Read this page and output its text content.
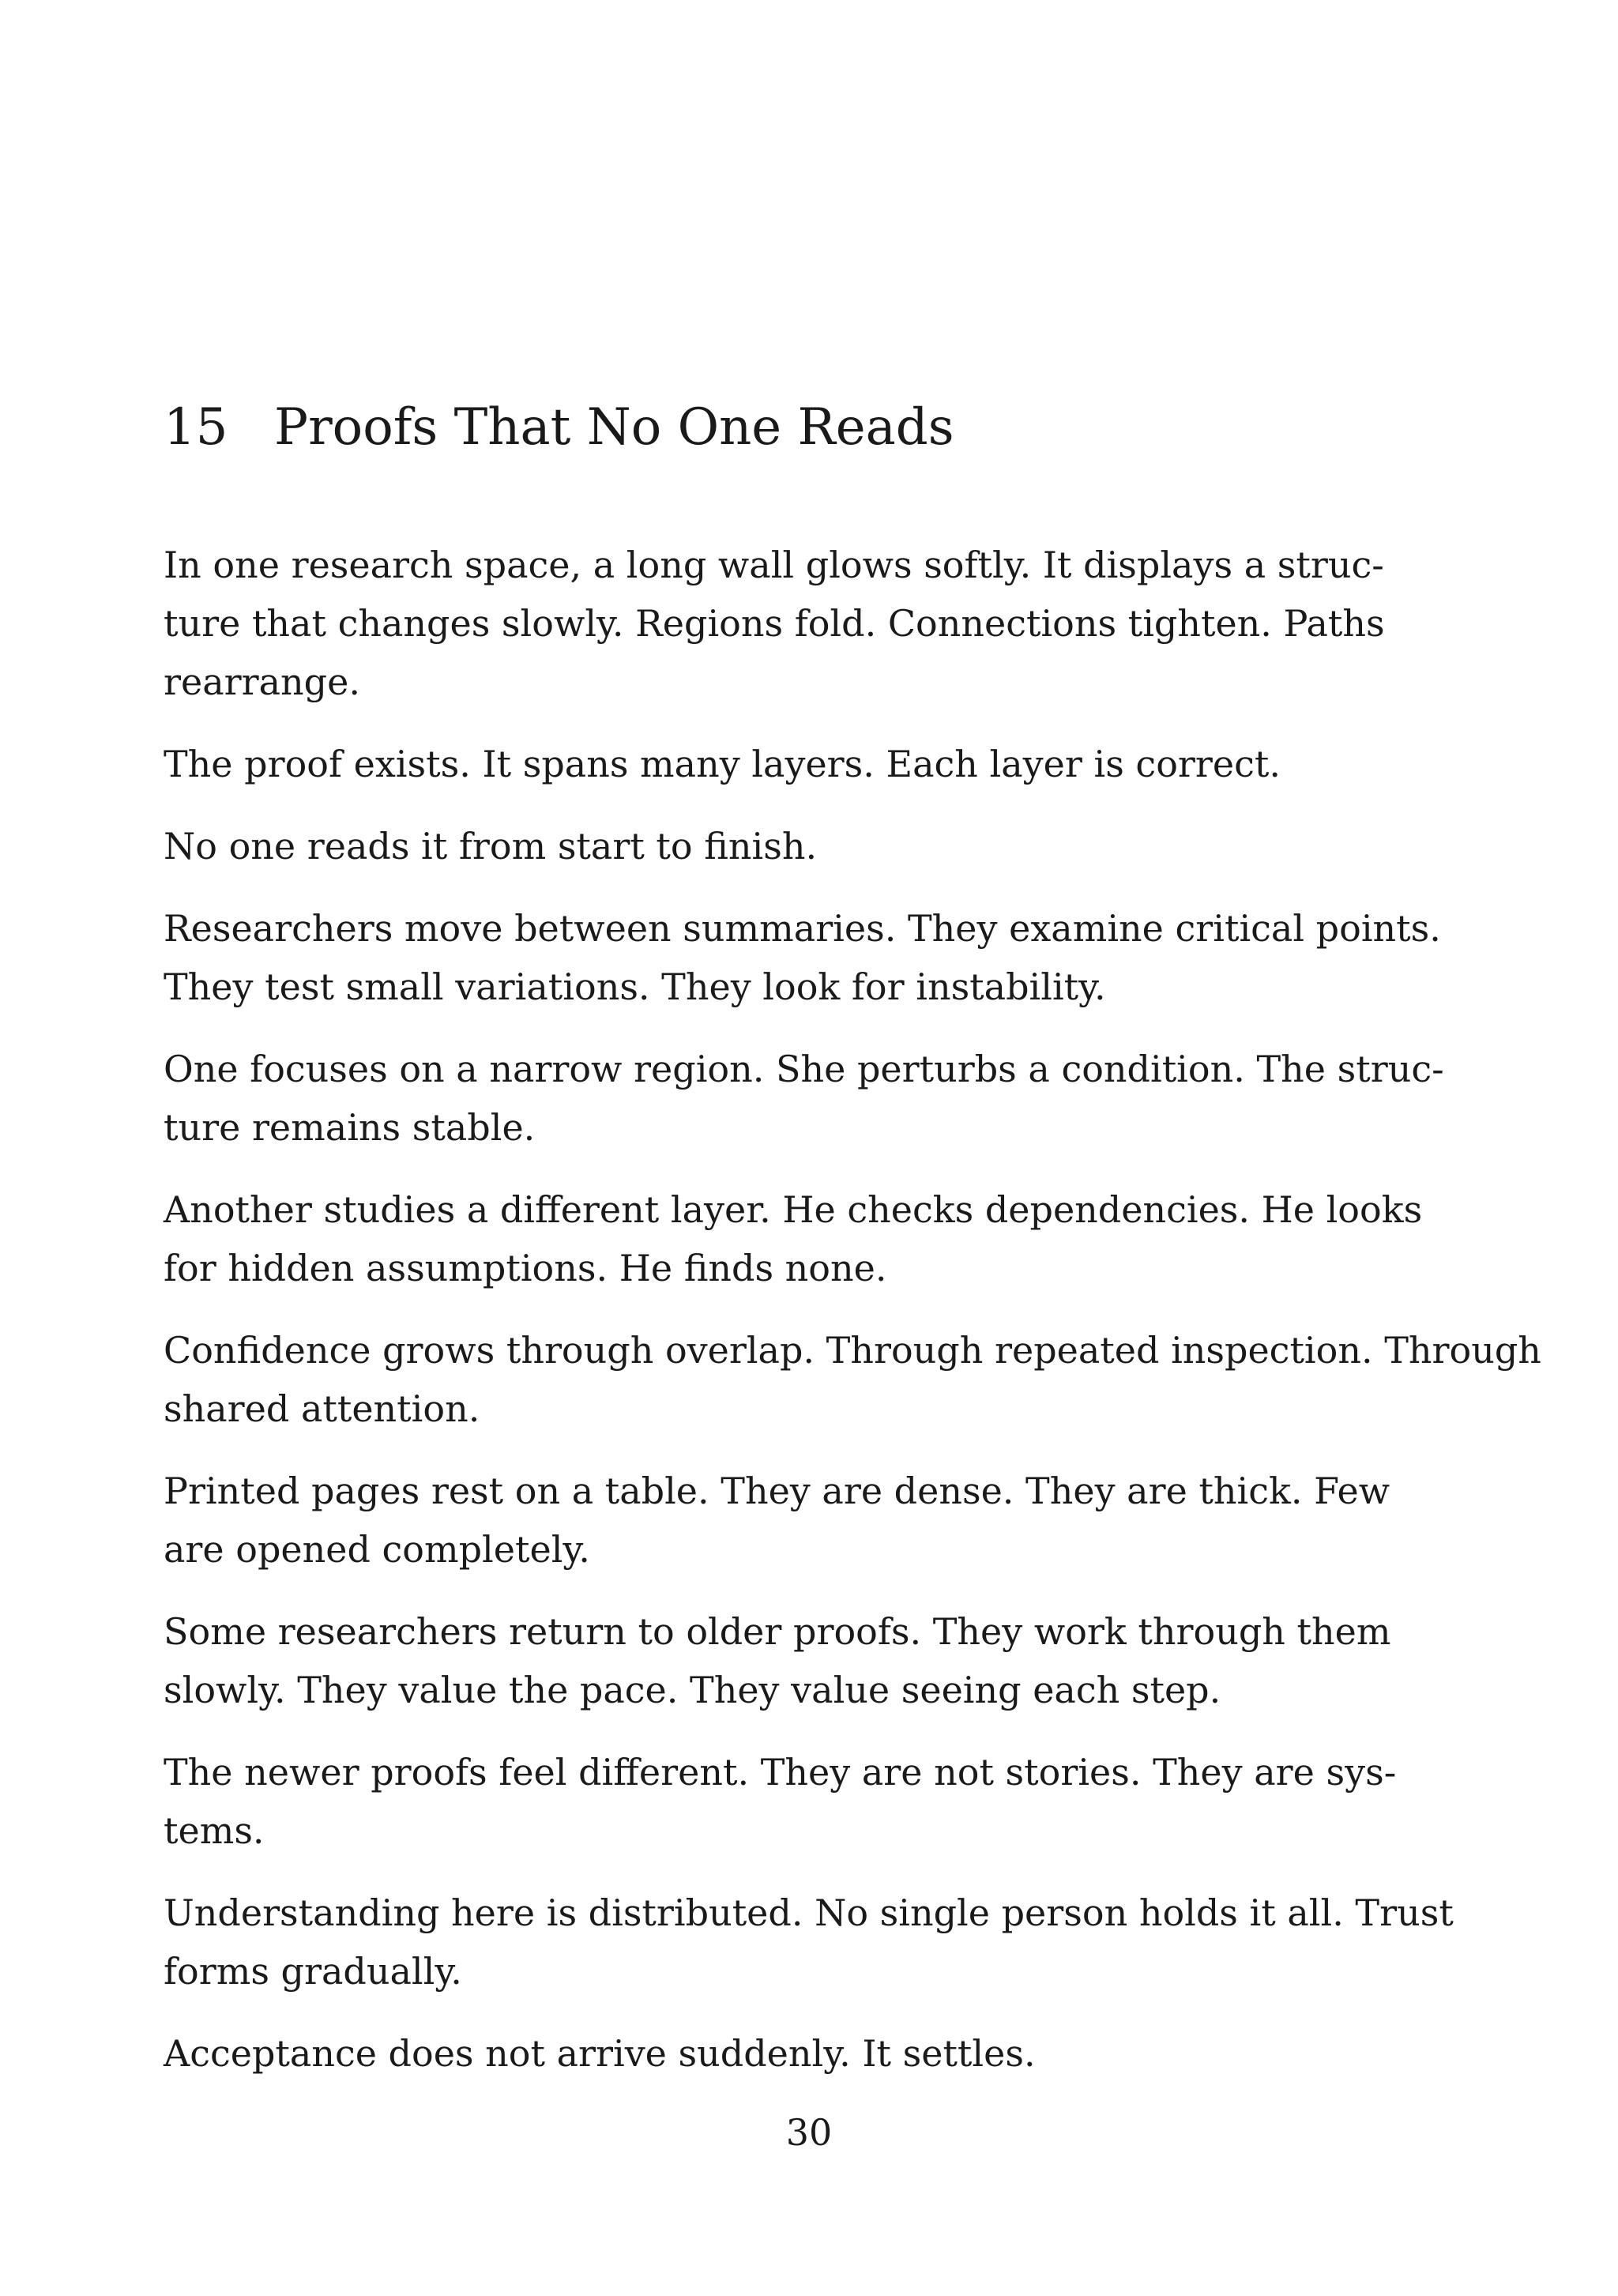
15 Proofs That No One Reads

In one research space, a long wall glows softly. It displays a struc-
ture that changes slowly. Regions fold. Connections tighten. Paths
rearrange.

The proof exists. It spans many layers. Each layer is correct.

No one reads it from start to finish.

Researchers move between summaries. They examine critical points.
They test small variations. They look for instability.

One focuses on a narrow region. She perturbs a condition. The struc-
ture remains stable.

Another studies a different layer. He checks dependencies. He looks
for hidden assumptions. He finds none.

Confidence grows through overlap. Through repeated inspection. Through
shared attention.

Printed pages rest on a table. They are dense. They are thick. Few
are opened completely.

Some researchers return to older proofs. They work through them
slowly. They value the pace. They value seeing each step.

The newer proofs feel different. They are not stories. They are sys-
tems.

Understanding here is distributed. No single person holds it all. Trust
forms gradually.

Acceptance does not arrive suddenly. It settles.

30
